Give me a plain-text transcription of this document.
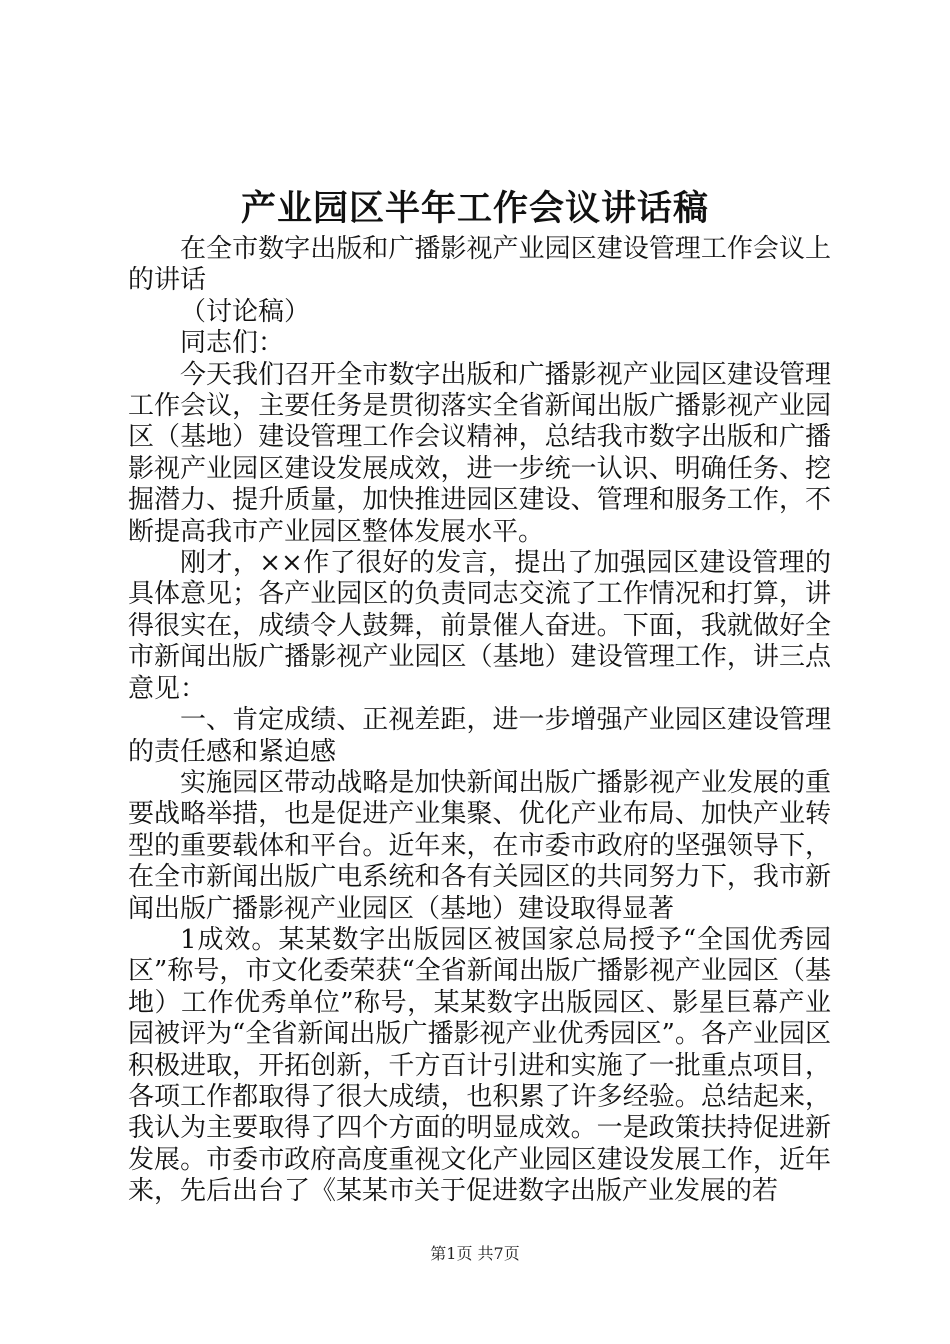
产业园区半年工作会议讲话稿

在全市数字出版和广播影视产业园区建设管理工作会议上的讲话

（讨论稿）

同志们：

今天我们召开全市数字出版和广播影视产业园区建设管理工作会议，主要任务是贯彻落实全省新闻出版广播影视产业园区（基地）建设管理工作会议精神，总结我市数字出版和广播影视产业园区建设发展成效，进一步统一认识、明确任务、挖掘潜力、提升质量，加快推进园区建设、管理和服务工作，不断提高我市产业园区整体发展水平。

刚才，××作了很好的发言，提出了加强园区建设管理的具体意见；各产业园区的负责同志交流了工作情况和打算，讲得很实在，成绩令人鼓舞，前景催人奋进。下面，我就做好全市新闻出版广播影视产业园区（基地）建设管理工作，讲三点意见：

一、肯定成绩、正视差距，进一步增强产业园区建设管理的责任感和紧迫感

实施园区带动战略是加快新闻出版广播影视产业发展的重要战略举措，也是促进产业集聚、优化产业布局、加快产业转型的重要载体和平台。近年来，在市委市政府的坚强领导下，在全市新闻出版广电系统和各有关园区的共同努力下，我市新闻出版广播影视产业园区（基地）建设取得显著

1成效。某某数字出版园区被国家总局授予“全国优秀园区”称号，市文化委荣获“全省新闻出版广播影视产业园区（基地）工作优秀单位”称号，某某数字出版园区、影星巨幕产业园被评为“全省新闻出版广播影视产业优秀园区”。各产业园区积极进取，开拓创新，千方百计引进和实施了一批重点项目，各项工作都取得了很大成绩，也积累了许多经验。总结起来，我认为主要取得了四个方面的明显成效。一是政策扶持促进新发展。市委市政府高度重视文化产业园区建设发展工作，近年来，先后出台了《某某市关于促进数字出版产业发展的若

第1页 共7页
